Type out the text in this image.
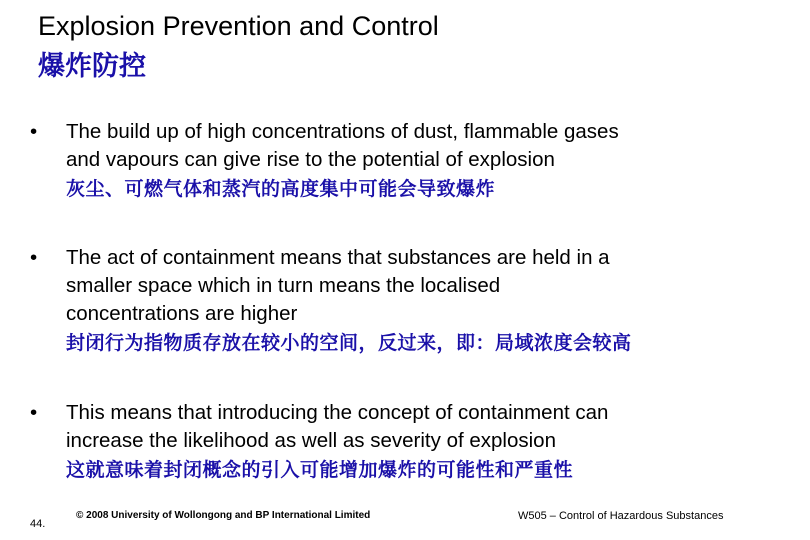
Explosion Prevention and Control
爆炸防控
•	The build up of high concentrations of dust, flammable gases
and vapours can give rise to the potential of explosion
灰尘、可燃气体和蒸汽的高度集中可能会导致爆炸
•	The act of containment means that substances are held in a
smaller space which in turn means the localised
concentrations are higher
封闭行为指物质存放在较小的空间，反过来，即：局域浓度会较高
•	This means that introducing the concept of containment can
increase the likelihood as well as severity of explosion
这就意味着封闭概念的引入可能增加爆炸的可能性和严重性
44.
© 2008 University of Wollongong and BP International Limited	W505 – Control of Hazardous Substances
